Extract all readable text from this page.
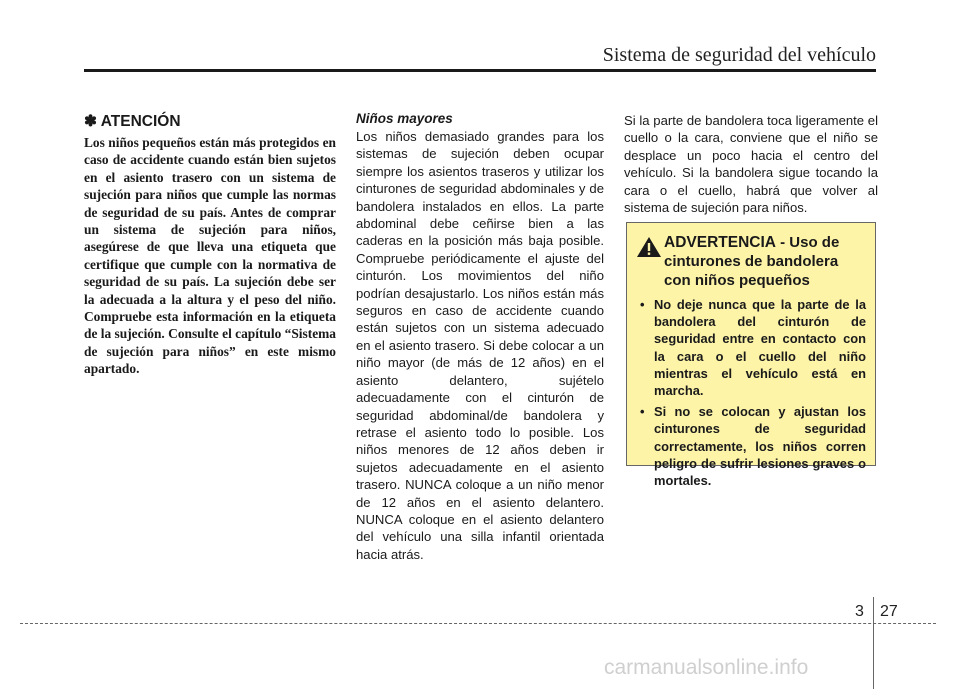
Sistema de seguridad del vehículo
✽ ATENCIÓN

Los niños pequeños están más protegidos en caso de accidente cuando están bien sujetos en el asiento trasero con un sistema de sujeción para niños que cumple las normas de seguridad de su país. Antes de comprar un sistema de sujeción para niños, asegúrese de que lleva una etiqueta que certifique que cumple con la normativa de seguridad de su país. La sujeción debe ser la adecuada a la altura y el peso del niño. Compruebe esta información en la etiqueta de la sujeción. Consulte el capítulo “Sistema de sujeción para niños” en este mismo apartado.

Niños mayores

Los niños demasiado grandes para los sistemas de sujeción deben ocupar siempre los asientos traseros y utilizar los cinturones de seguridad abdominales y de bandolera instalados en ellos. La parte abdominal debe ceñirse bien a las caderas en la posición más baja posible. Compruebe periódicamente el ajuste del cinturón. Los movimientos del niño podrían desajustarlo. Los niños están más seguros en caso de accidente cuando están sujetos con un sistema adecuado en el asiento trasero. Si debe colocar a un niño mayor (de más de 12 años) en el asiento delantero, sujételo adecuadamente con el cinturón de seguridad abdominal/de bandolera y retrase el asiento todo lo posible. Los niños menores de 12 años deben ir sujetos adecuadamente en el asiento trasero. NUNCA coloque a un niño menor de 12 años en el asiento delantero. NUNCA coloque en el asiento delantero del vehículo una silla infantil orientada hacia atrás.

Si la parte de bandolera toca ligeramente el cuello o la cara, conviene que el niño se desplace un poco hacia el centro del vehículo. Si la bandolera sigue tocando la cara o el cuello, habrá que volver al sistema de sujeción para niños.

ADVERTENCIA - Uso de cinturones de bandolera con niños pequeños
• No deje nunca que la parte de la bandolera del cinturón de seguridad entre en contacto con la cara o el cuello del niño mientras el vehículo está en marcha.
• Si no se colocan y ajustan los cinturones de seguridad correctamente, los niños corren peligro de sufrir lesiones graves o mortales.
3 27
carmanualsonline.info
